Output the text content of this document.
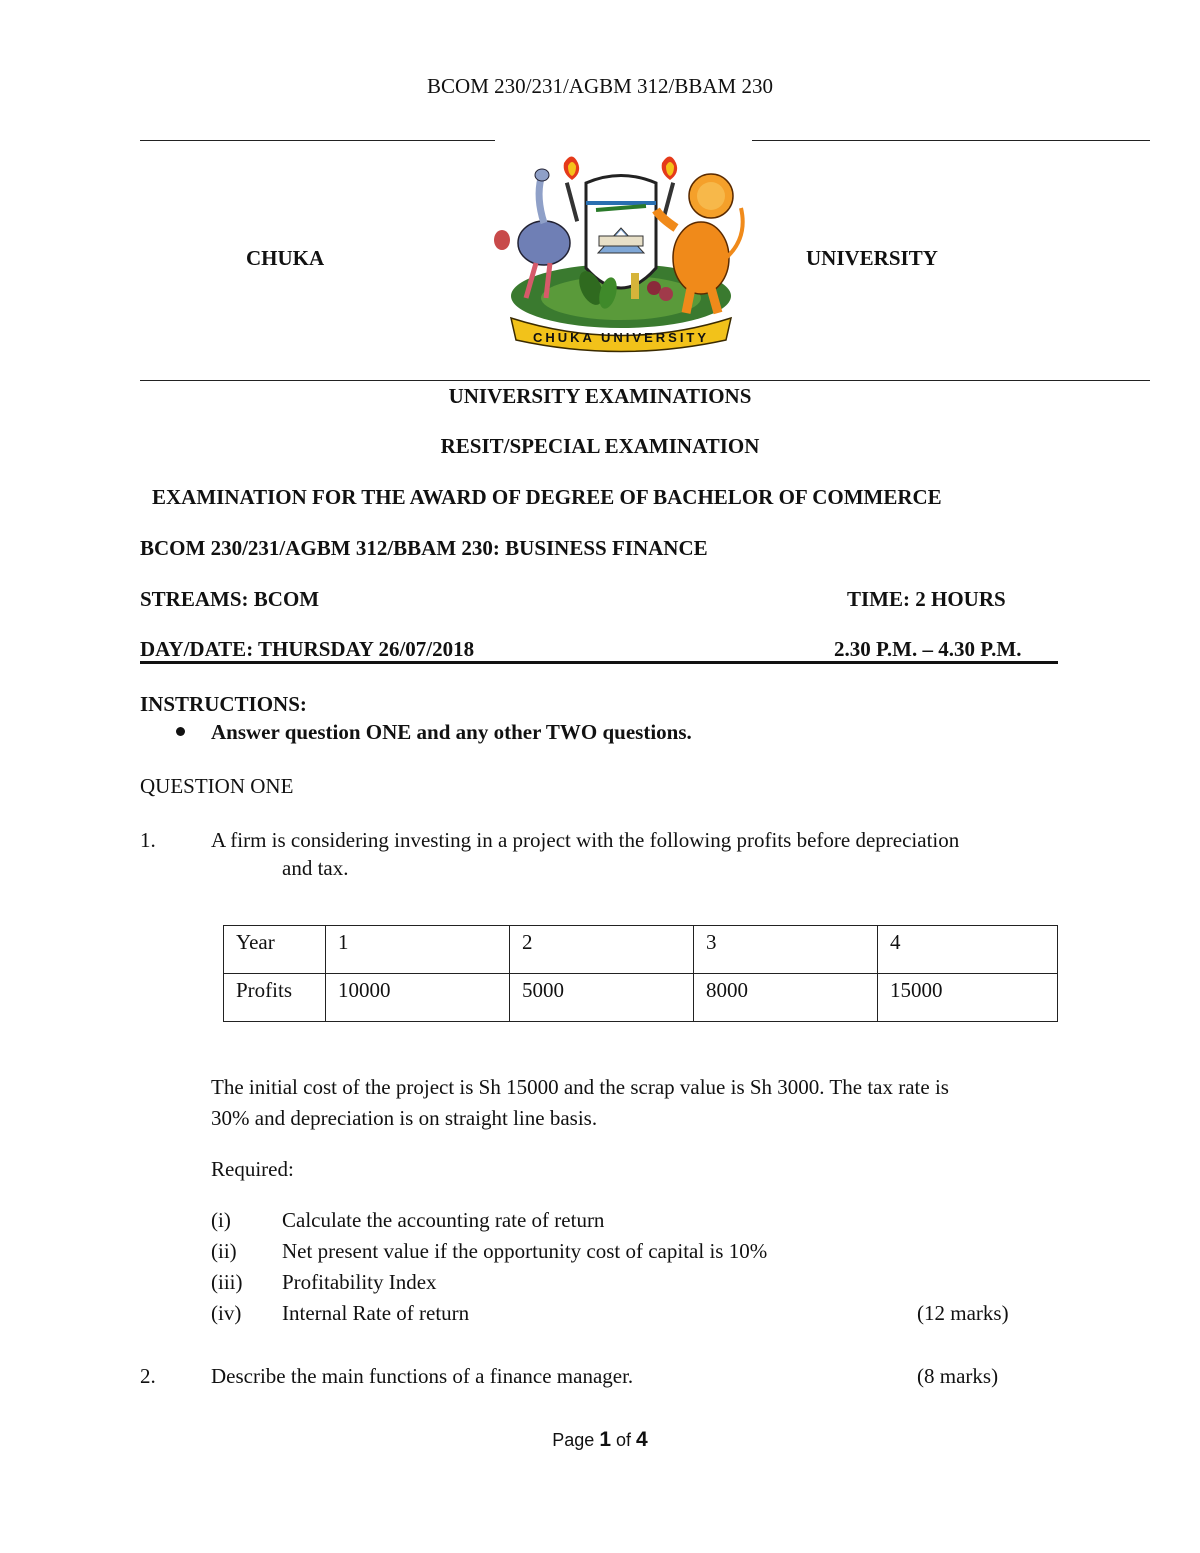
BCOM 230/231/AGBM 312/BBAM 230
CHUKA	UNIVERSITY
CHUKA UNIVERSITY
UNIVERSITY EXAMINATIONS
RESIT/SPECIAL EXAMINATION
EXAMINATION FOR THE AWARD OF DEGREE OF BACHELOR OF COMMERCE
BCOM 230/231/AGBM 312/BBAM 230: BUSINESS FINANCE
STREAMS: BCOM	TIME: 2 HOURS
DAY/DATE: THURSDAY 26/07/2018	2.30 P.M. – 4.30 P.M.
INSTRUCTIONS:
Answer question ONE and any other TWO questions.
QUESTION ONE
1.	A firm is considering investing in a project with the following profits before depreciation
and tax.
Year	1	2	3	4
Profits	10000	5000	8000	15000
The initial cost of the project is Sh 15000 and the scrap value is Sh 3000. The tax rate is
30% and depreciation is on straight line basis.
Required:
(i) Calculate the accounting rate of return
(ii) Net present value if the opportunity cost of capital is 10%
(iii) Profitability Index
(iv) Internal Rate of return	(12 marks)
2.	Describe the main functions of a finance manager.	(8 marks)
Page 1 of 4
